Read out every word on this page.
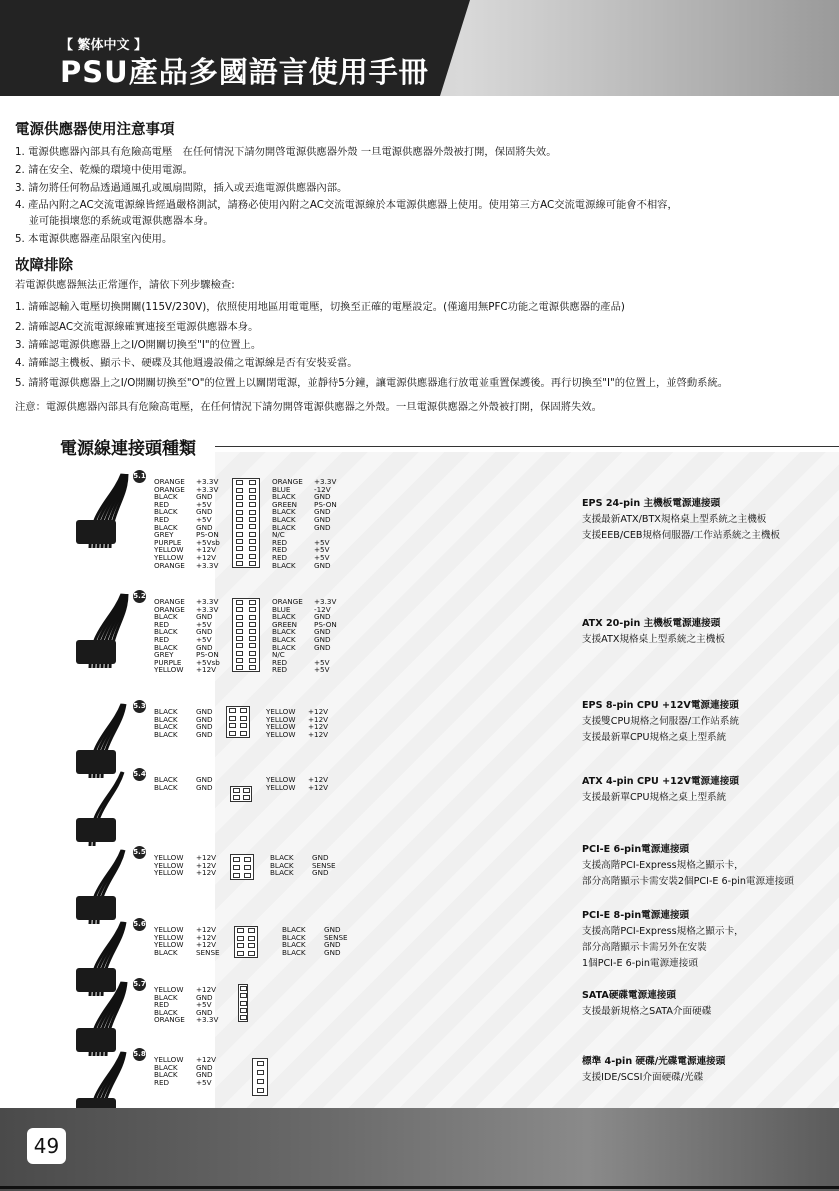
【 繁体中文 】
PSU產品多國語言使用手冊
電源供應器使用注意事項
1. 電源供應器內部具有危險高電壓　在任何情況下請勿開啓電源供應器外殼 一旦電源供應器外殼被打開，保固將失效。
2. 請在安全、乾燥的環境中使用電源。
3. 請勿將任何物品透過通風孔或風扇間隙，插入或丟進電源供應器內部。
4. 產品內附之AC交流電源線皆經過嚴格測試，請務必使用內附之AC交流電源線於本電源供應器上使用。使用第三方AC交流電源線可能會不相容，
　 並可能損壞您的系統或電源供應器本身。
5. 本電源供應器產品限室內使用。
故障排除
若電源供應器無法正常運作，請依下列步驟檢查:
1. 請確認輸入電壓切換開關(115V/230V)，依照使用地區用電電壓，切換至正確的電壓設定。(僅適用無PFC功能之電源供應器的產品)
2. 請確認AC交流電源線確實連接至電源供應器本身。
3. 請確認電源供應器上之I/O開關切換至"I"的位置上。
4. 請確認主機板、顯示卡、硬碟及其他週邊設備之電源線是否有安裝妥當。
5. 請將電源供應器上之I/O開關切換至"O"的位置上以關閉電源，並靜待5分鐘，讓電源供應器進行放電並重置保護後。再行切換至"I"的位置上，並啓動系統。
注意：電源供應器內部具有危險高電壓，在任何情況下請勿開啓電源供應器之外殼。一旦電源供應器之外殼被打開，保固將失效。
電源線連接頭種類
5.1
ORANGE +3.3V
ORANGE +3.3V
BLACK	GND
RED	+5V
BLACK	GND
RED	+5V
BLACK	GND
GREY	PS-ON
PURPLE +5Vsb
YELLOW +12V
YELLOW +12V
ORANGE +3.3V
ORANGE +3.3V
BLUE	-12V
BLACK	GND
GREEN PS-ON
BLACK	GND
BLACK	GND
BLACK	GND
N/C
RED	+5V
RED	+5V
RED	+5V
BLACK	GND
EPS 24-pin 主機板電源連接頭
支援最新ATX/BTX規格桌上型系統之主機板
支援EEB/CEB規格伺服器/工作站系統之主機板
5.2
ORANGE +3.3V
ORANGE +3.3V
BLACK	GND
RED	+5V
BLACK	GND
RED	+5V
BLACK	GND
GREY	PS-ON
PURPLE +5Vsb
YELLOW +12V
ORANGE +3.3V
BLUE	-12V
BLACK	GND
GREEN PS-ON
BLACK	GND
BLACK	GND
BLACK	GND
N/C
RED	+5V
RED	+5V
ATX 20-pin 主機板電源連接頭
支援ATX規格桌上型系統之主機板
5.3
BLACK	GND
BLACK	GND
BLACK	GND
BLACK	GND
YELLOW +12V
YELLOW +12V
YELLOW +12V
YELLOW +12V
EPS 8-pin CPU +12V電源連接頭
支援雙CPU規格之伺服器/工作站系統
支援最新單CPU規格之桌上型系統
5.4
BLACK	GND
BLACK	GND
YELLOW +12V
YELLOW +12V
ATX 4-pin CPU +12V電源連接頭
支援最新單CPU規格之桌上型系統
5.5
YELLOW +12V
YELLOW +12V
YELLOW +12V
BLACK	GND
BLACK	SENSE
BLACK	GND
PCI-E 6-pin電源連接頭
支援高階PCI-Express規格之顯示卡，
部分高階顯示卡需安裝2個PCI-E 6-pin電源連接頭
5.6
YELLOW +12V
YELLOW +12V
YELLOW +12V
BLACK	SENSE
BLACK	GND
BLACK	SENSE
BLACK	GND
BLACK	GND
PCI-E 8-pin電源連接頭
支援高階PCI-Express規格之顯示卡，
部分高階顯示卡需另外在安裝
1個PCI-E 6-pin電源連接頭
5.7
YELLOW +12V
BLACK	GND
RED	+5V
BLACK	GND
ORANGE +3.3V
SATA硬碟電源連接頭
支援最新規格之SATA介面硬碟
5.8
YELLOW +12V
BLACK	GND
BLACK	GND
RED	+5V
標準 4-pin 硬碟/光碟電源連接頭
支援IDE/SCSI介面硬碟/光碟
49
